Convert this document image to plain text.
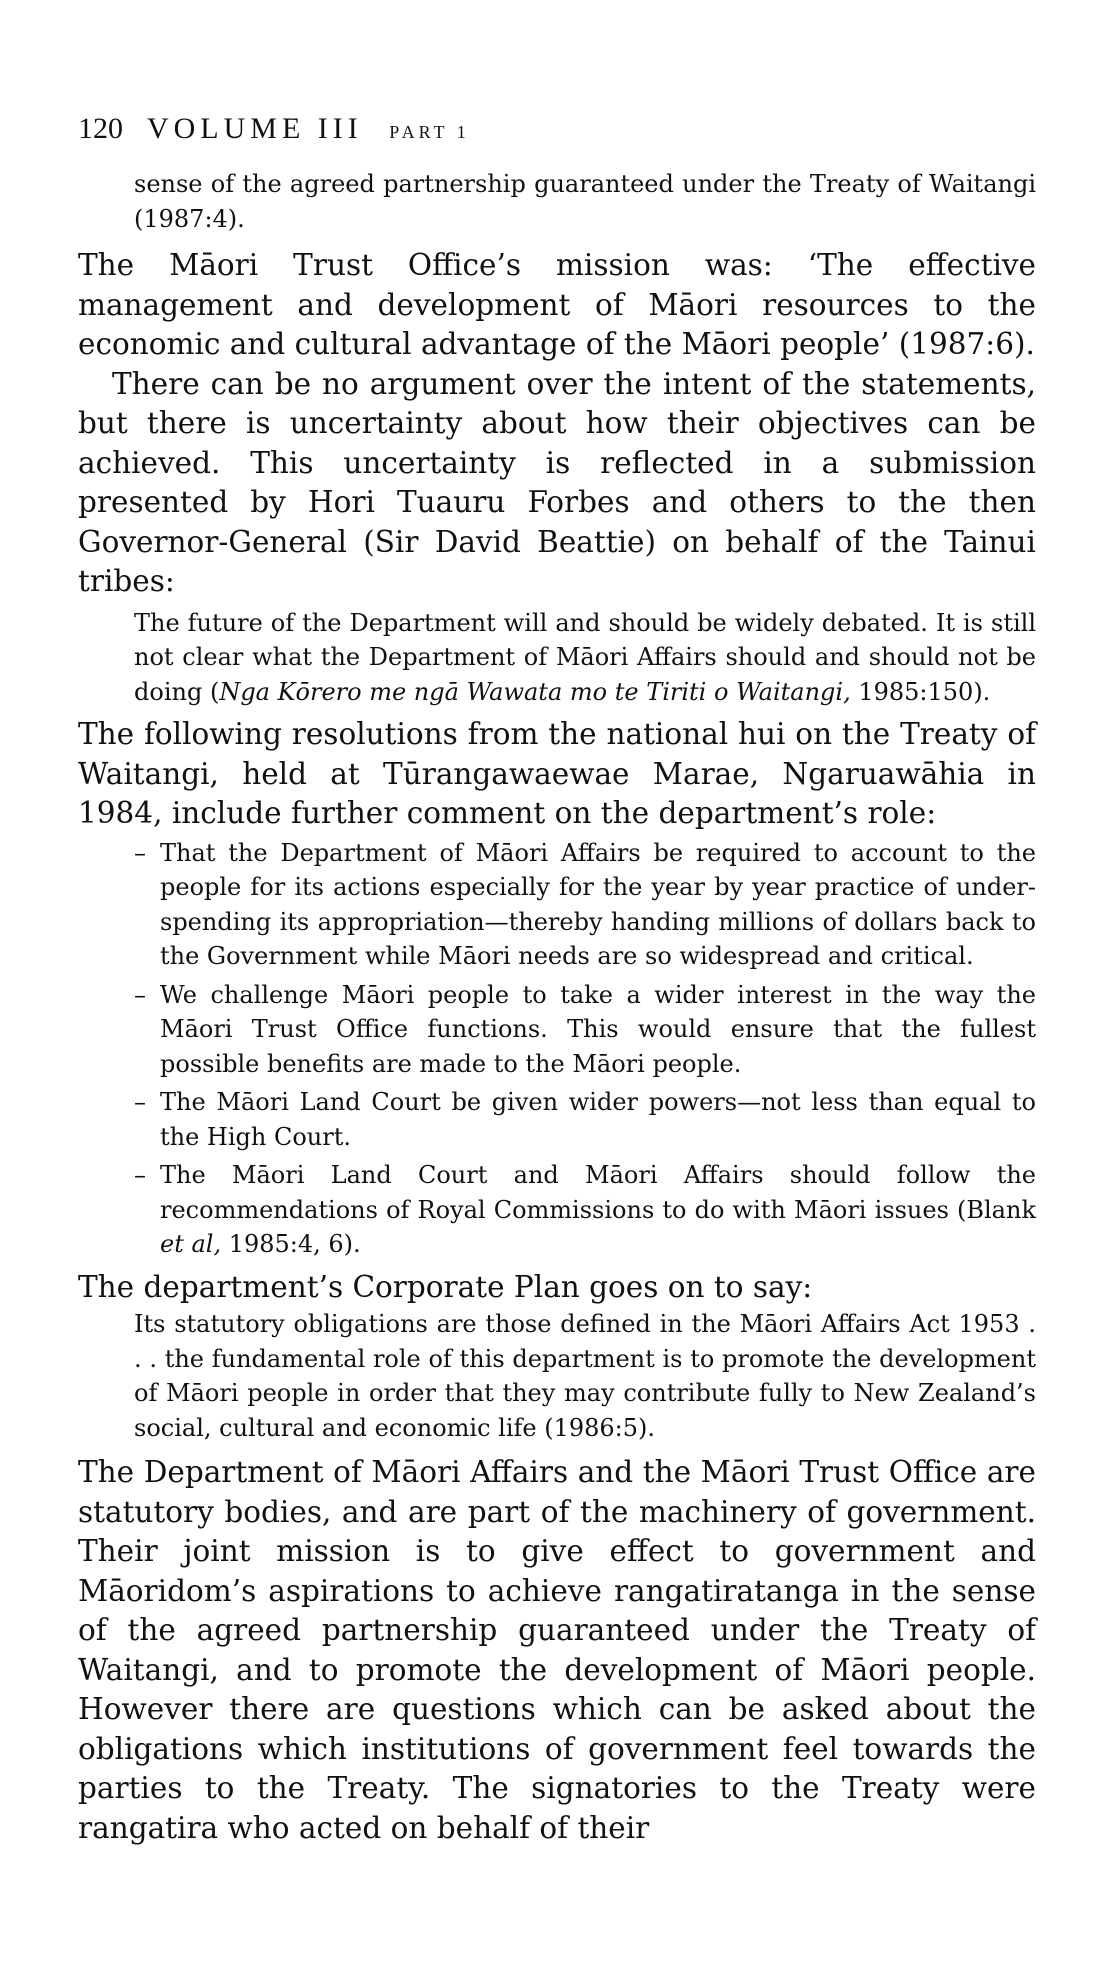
120 VOLUME III PART 1

sense of the agreed partnership guaranteed under the Treaty of Waitangi (1987:4).

The Māori Trust Office’s mission was: ‘The effective management and development of Māori resources to the economic and cultural advantage of the Māori people’ (1987:6).

There can be no argument over the intent of the statements, but there is uncertainty about how their objectives can be achieved. This uncertainty is reflected in a submission presented by Hori Tuauru Forbes and others to the then Governor-General (Sir David Beattie) on behalf of the Tainui tribes:

The future of the Department will and should be widely debated. It is still not clear what the Department of Māori Affairs should and should not be doing (Nga Kōrero me ngā Wawata mo te Tiriti o Waitangi, 1985:150).

The following resolutions from the national hui on the Treaty of Waitangi, held at Tūrangawaewae Marae, Ngaruawāhia in 1984, include further comment on the department’s role:

– That the Department of Māori Affairs be required to account to the people for its actions especially for the year by year practice of under-spending its appropriation—thereby handing millions of dollars back to the Government while Māori needs are so widespread and critical.
– We challenge Māori people to take a wider interest in the way the Māori Trust Office functions. This would ensure that the fullest possible benefits are made to the Māori people.
– The Māori Land Court be given wider powers—not less than equal to the High Court.
– The Māori Land Court and Māori Affairs should follow the recommendations of Royal Commissions to do with Māori issues (Blank et al, 1985:4, 6).

The department’s Corporate Plan goes on to say:

Its statutory obligations are those defined in the Māori Affairs Act 1953 . . . the fundamental role of this department is to promote the development of Māori people in order that they may contribute fully to New Zealand’s social, cultural and economic life (1986:5).

The Department of Māori Affairs and the Māori Trust Office are statutory bodies, and are part of the machinery of government. Their joint mission is to give effect to government and Māoridom’s aspirations to achieve rangatiratanga in the sense of the agreed partnership guaranteed under the Treaty of Waitangi, and to promote the development of Māori people. However there are questions which can be asked about the obligations which institutions of government feel towards the parties to the Treaty. The signatories to the Treaty were rangatira who acted on behalf of their
